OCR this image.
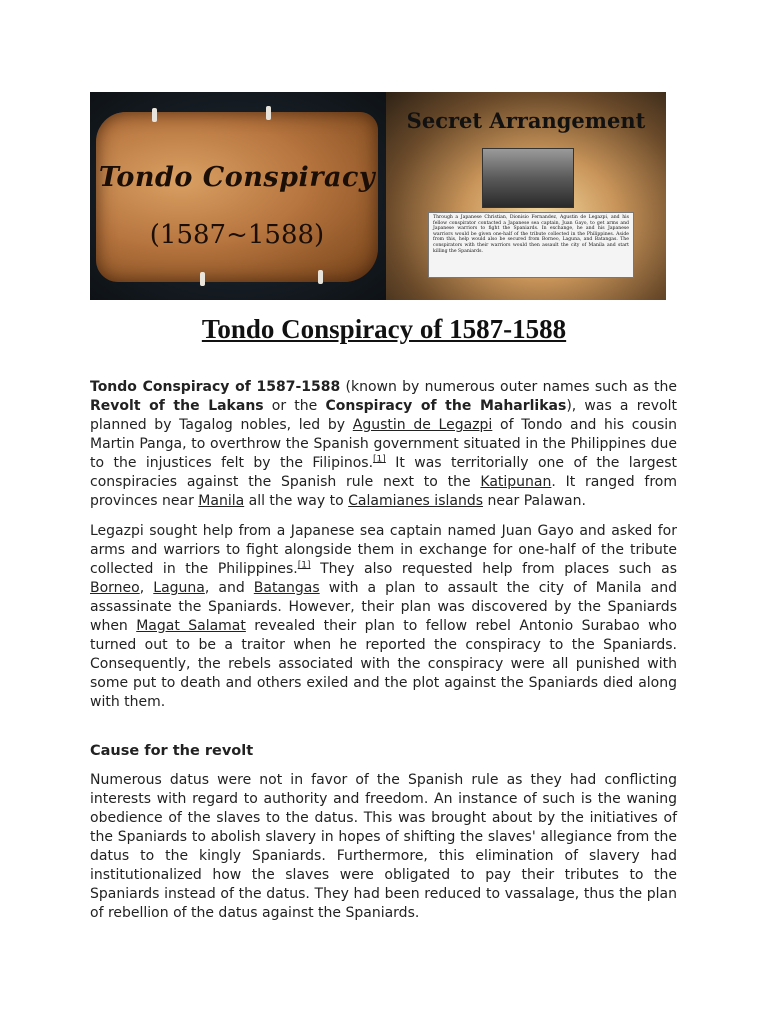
Tondo Conspiracy
(1587~1588)
Secret Arrangement
Through a Japanese Christian, Dionisio Fernandez, Agustin de Legazpi, and his fellow conspirator contacted a Japanese sea captain, Juan Gayo, to get arms and Japanese warriors to fight the Spaniards. In exchange, he and his Japanese warriors would be given one-half of the tribute collected in the Philippines. Aside from this, help would also be secured from Borneo, Laguna, and Batangas. The conspirators with their warriors would then assault the city of Manila and start killing the Spaniards.
Tondo Conspiracy of 1587-1588

Tondo Conspiracy of 1587-1588 (known by numerous outer names such as the Revolt of the Lakans or the Conspiracy of the Maharlikas), was a revolt planned by Tagalog nobles, led by Agustin de Legazpi of Tondo and his cousin Martin Panga, to overthrow the Spanish government situated in the Philippines due to the injustices felt by the Filipinos.[1] It was territorially one of the largest conspiracies against the Spanish rule next to the Katipunan. It ranged from provinces near Manila all the way to Calamianes islands near Palawan.

Legazpi sought help from a Japanese sea captain named Juan Gayo and asked for arms and warriors to fight alongside them in exchange for one-half of the tribute collected in the Philippines.[1] They also requested help from places such as Borneo, Laguna, and Batangas with a plan to assault the city of Manila and assassinate the Spaniards. However, their plan was discovered by the Spaniards when Magat Salamat revealed their plan to fellow rebel Antonio Surabao who turned out to be a traitor when he reported the conspiracy to the Spaniards. Consequently, the rebels associated with the conspiracy were all punished with some put to death and others exiled and the plot against the Spaniards died along with them.

Cause for the revolt

Numerous datus were not in favor of the Spanish rule as they had conflicting interests with regard to authority and freedom. An instance of such is the waning obedience of the slaves to the datus. This was brought about by the initiatives of the Spaniards to abolish slavery in hopes of shifting the slaves' allegiance from the datus to the kingly Spaniards. Furthermore, this elimination of slavery had institutionalized how the slaves were obligated to pay their tributes to the Spaniards instead of the datus. They had been reduced to vassalage, thus the plan of rebellion of the datus against the Spaniards.
